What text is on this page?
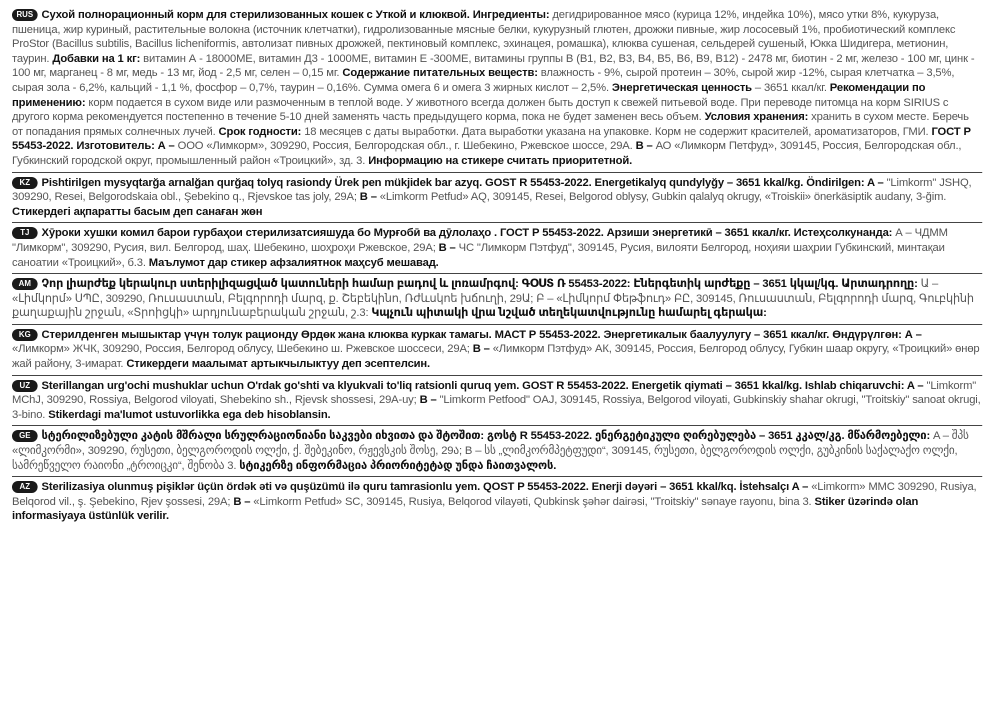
RUS Сухой полнорационный корм для стерилизованных кошек с Уткой и клюквой. Ингредиенты: дегидрированное мясо (курица 12%, индейка 10%), мясо утки 8%, кукуруза, пшеница, жир куриный, растительные волокна (источник клетчатки), гидролизованные мясные белки, кукурузный глютен, дрожжи пивные, жир лососевый 1%, пробиотический комплекс ProStor (Bacillus subtilis, Bacillus licheniformis, автолизат пивных дрожжей, пектиновый комплекс, эхинацея, ромашка), клюква сушеная, сельдерей сушеный, Юкка Шидигера, метионин, таурин. Добавки на 1 кг: витамин А - 18000МЕ, витамин Д3 - 1000МЕ, витамин Е -300МЕ, витамины группы В (В1, В2, В3, В4, В5, В6, В9, В12) - 2478 мг, биотин - 2 мг, железо - 100 мг, цинк - 100 мг, марганец - 8 мг, медь - 13 мг, йод - 2,5 мг, селен – 0,15 мг. Содержание питательных веществ: влажность - 9%, сырой протеин – 30%, сырой жир -12%, сырая клетчатка – 3,5%, сырая зола - 6,2%, кальций - 1,1 %, фосфор – 0,7%, таурин – 0,16%. Сумма омега 6 и омега 3 жирных кислот – 2,5%. Энергетическая ценность – 3651 ккал/кг. Рекомендации по применению: корм подается в сухом виде или размоченным в теплой воде. У животного всегда должен быть доступ к свежей питьевой воде. При переводе питомца на корм SIRIUS с другого корма рекомендуется постепенно в течение 5-10 дней заменять часть предыдущего корма, пока не будет заменен весь объем. Условия хранения: хранить в сухом месте. Беречь от попадания прямых солнечных лучей. Срок годности: 18 месяцев с даты выработки. Дата выработки указана на упаковке. Корм не содержит красителей, ароматизаторов, ГМИ. ГОСТ Р 55453-2022. Изготовитель: А – ООО «Лимкорм», 309290, Россия, Белгородская обл., г. Шебекино, Ржевское шоссе, 29А. В – АО «Лимкорм Петфуд», 309145, Россия, Белгородская обл., Губкинский городской округ, промышленный район «Троицкий», зд. 3. Информацию на стикере считать приоритетной.

KZ Pishtirilgen mysyqtarğa arnalğan qurğaq tolyq rasiondy Ürek pen mükjidek bar azyq. GOST R 55453-2022. Energetikalyq qundylyğy – 3651 kkal/kg. Öndirilgen: A – "Limkorm" JSHQ, 309290, Resei, Belgorodskaia obl., Şebekino q., Rjevskoe tas joly, 29A; B – «Limkorm Petfud» AQ, 309145, Resei, Belgorod oblysy, Gubkin qalalyq okrugy, «Troiskii» önerkäsiptik audany, 3-ğim. Стикердегі ақпаратты басым деп санаған жөн

TJ Хӯроки хушки комил барои гурбаҳои стерилизатсияшуда бо Мурғобӣ ва дӯлолаҳо . ГОСТ Р 55453-2022. Арзиши энергетикӣ – 3651 ккал/кг. Истеҳсолкунанда: А – ЧДММ "Лимкорм", 309290, Русия, вил. Белгород, шаҳ. Шебекино, шоҳроҳи Ржевское, 29А; В – ЧС "Лимкорм Пэтфуд", 309145, Русия, вилояти Белгород, ноҳияи шаҳрии Губкинский, минтақаи саноатии «Троицкий», б.3. Маълумот дар стикер афзалиятнок маҳсуб мешавад.

AM Չոր լիարժեք կերակուր ստերիլիզացված կատուների համար բադով և լոռամրգով: ԳՕՍՏ Ռ 55453-2022: Էներգետիկ արժեքը – 3651 կկալ/կգ. Արտադրողը: Ա – «Լիմկորմ» ՍՊԸ, 309290, Ռուսաստան, Բելգորոդի մարզ, ք. Շեբեկինո, Ռժևսկոե խճուղի, 29Ա; Բ – «Լիմկորմ Փեթֆուդ» ԲԸ, 309145, Ռուսաստան, Բելգորոդի մարզ, Գուբկինի քաղաքային շրջան, «Տրոիցկի» արդյունաբերական շրջան, շ.3: Կպչուն պիտակի վրա նշված տեղեկատվությունը համարել գերակա:

KG Стерилденген мышыктар үчүн толук рационду Өрдөк жана клюква куркак тамагы. МАСТ Р 55453-2022. Энергетикалык баалуулугу – 3651 ккал/кг. Өндүрүлгөн: А – «Лимкорм» ЖЧК, 309290, Россия, Белгород облусу, Шебекино ш. Ржевское шоссеси, 29А; В – «Лимкорм Пэтфуд» АК, 309145, Россия, Белгород облусу, Губкин шаар округу, «Троицкий» өнөр жай району, 3-имарат. Стикердеги маалымат артыкчылыктуу деп эсептелсин.

UZ Sterillangan urg'ochi mushuklar uchun O'rdak go'shti va klyukvali to'liq ratsionli quruq yem. GOST R 55453-2022. Energetik qiymati – 3651 kkal/kg. Ishlab chiqaruvchi: A – "Limkorm" MChJ, 309290, Rossiya, Belgorod viloyati, Shebekino sh., Rjevsk shossesi, 29A-uy; B – "Limkorm Petfood" OAJ, 309145, Rossiya, Belgorod viloyati, Gubkinskiy shahar okrugi, "Troitskiy" sanoat okrugi, 3-bino. Stikerdagi ma'lumot ustuvorlikka ega deb hisoblansin.

GE სტერილიზებული კატის მშრალი სრულრაციონიანი საკვები იხვითა და შტოშით: გოსტ R 55453-2022. ენერგეტიკული ღირებულება – 3651 კკალ/კგ. მწარმოებელი: A – შპს «ლიმკორმი», 309290, რუსეთი, ბელგოროდის ოლქი, ქ. შებეკინო, რჟევსკის შოსე, 29ა; B – სს „ლიმკორმპეტფუდი“, 309145, რუსეთი, ბელგოროდის ოლქი, გუბკინის საქალაქო ოლქი, სამრეწველო რაიონი „ტროიცკი“, შენობა 3. სტიკერზე ინფორმაცია პრიორიტეტად უნდა ჩაითვალოს.

AZ Sterilizasiya olunmuş pişiklər üçün ördək əti və quşüzümü ilə quru tamrasionlu yem. QOST P 55453-2022. Enerji dəyəri – 3651 kkal/kq. İstehsalçı A – «Limkorm» MMC 309290, Rusiya, Belqorod vil., ş. Şebekino, Rjev şossesi, 29A; B – «Limkorm Petfud» SC, 309145, Rusiya, Belqorod vilayəti, Qubkinsk şəhər dairəsi, "Troitskiy" sənaye rayonu, bina 3. Stiker üzərində olan informasiyaya üstünlük verilir.
